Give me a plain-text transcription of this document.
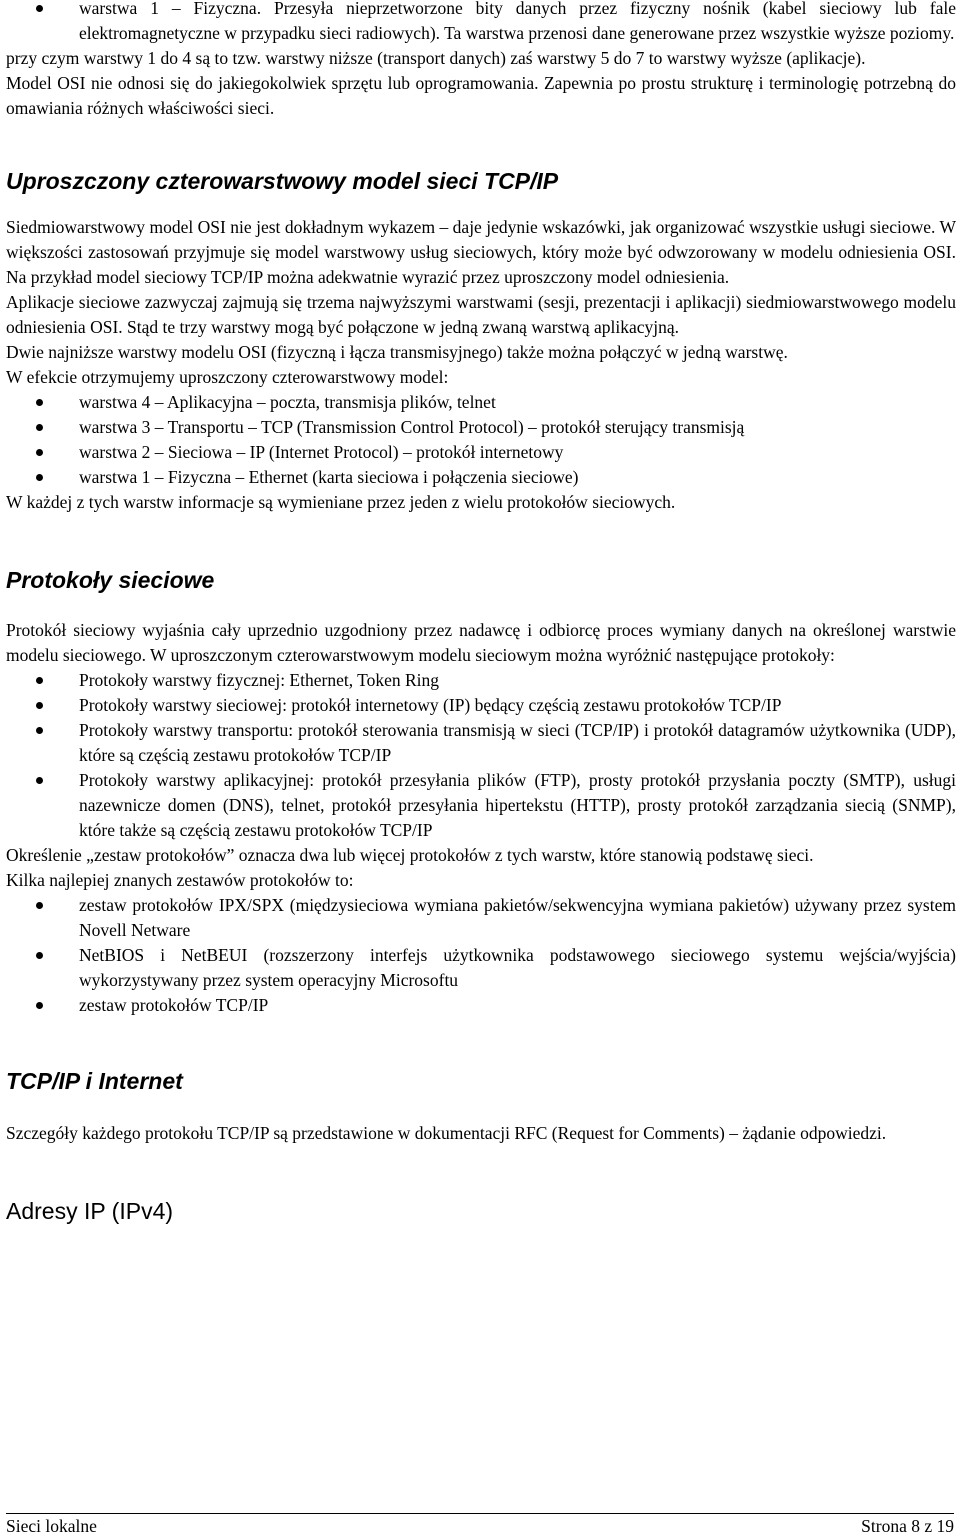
warstwa 1 – Fizyczna. Przesyła nieprzetworzone bity danych przez fizyczny nośnik (kabel sieciowy lub fale elektromagnetyczne w przypadku sieci radiowych). Ta warstwa przenosi dane generowane przez wszystkie wyższe poziomy.

przy czym warstwy 1 do 4 są to tzw. warstwy niższe (transport danych) zaś warstwy 5 do 7 to warstwy wyższe (aplikacje).

Model OSI nie odnosi się do jakiegokolwiek sprzętu lub oprogramowania. Zapewnia po prostu strukturę i terminologię potrzebną do omawiania różnych właściwości sieci.

Uproszczony czterowarstwowy model sieci TCP/IP

Siedmiowarstwowy model OSI nie jest dokładnym wykazem – daje jedynie wskazówki, jak organizować wszystkie usługi sieciowe. W większości zastosowań przyjmuje się model warstwowy usług sieciowych, który może być odwzorowany w modelu odniesienia OSI. Na przykład model sieciowy TCP/IP można adekwatnie wyrazić przez uproszczony model odniesienia.

Aplikacje sieciowe zazwyczaj zajmują się trzema najwyższymi warstwami (sesji, prezentacji i aplikacji) siedmiowarstwowego modelu odniesienia OSI. Stąd te trzy warstwy mogą być połączone w jedną zwaną warstwą aplikacyjną.

Dwie najniższe warstwy modelu OSI (fizyczną i łącza transmisyjnego) także można połączyć w jedną warstwę.

W efekcie otrzymujemy uproszczony czterowarstwowy model:

warstwa 4 – Aplikacyjna – poczta, transmisja plików, telnet

warstwa 3 – Transportu – TCP (Transmission Control Protocol) – protokół sterujący transmisją

warstwa 2 – Sieciowa – IP (Internet Protocol) – protokół internetowy

warstwa 1 – Fizyczna – Ethernet (karta sieciowa i połączenia sieciowe)

W każdej z tych warstw informacje są wymieniane przez jeden z wielu protokołów sieciowych.

Protokoły sieciowe

Protokół sieciowy wyjaśnia cały uprzednio uzgodniony przez nadawcę i odbiorcę proces wymiany danych na określonej warstwie modelu sieciowego. W uproszczonym czterowarstwowym modelu sieciowym można wyróżnić następujące protokoły:

Protokoły warstwy fizycznej: Ethernet, Token Ring

Protokoły warstwy sieciowej: protokół internetowy (IP) będący częścią zestawu protokołów TCP/IP

Protokoły warstwy transportu: protokół sterowania transmisją w sieci (TCP/IP) i protokół datagramów użytkownika (UDP), które są częścią zestawu protokołów TCP/IP

Protokoły warstwy aplikacyjnej: protokół przesyłania plików (FTP), prosty protokół przysłania poczty (SMTP), usługi nazewnicze domen (DNS), telnet, protokół przesyłania hipertekstu (HTTP), prosty protokół zarządzania siecią (SNMP), które także są częścią zestawu protokołów TCP/IP

Określenie „zestaw protokołów” oznacza dwa lub więcej protokołów z tych warstw, które stanowią podstawę sieci.

Kilka najlepiej znanych zestawów protokołów to:

zestaw protokołów IPX/SPX (międzysieciowa wymiana pakietów/sekwencyjna wymiana pakietów) używany przez system Novell Netware

NetBIOS i NetBEUI (rozszerzony interfejs użytkownika podstawowego sieciowego systemu wejścia/wyjścia) wykorzystywany przez system operacyjny Microsoftu

zestaw protokołów TCP/IP

TCP/IP i Internet

Szczegóły każdego protokołu TCP/IP są przedstawione w dokumentacji RFC (Request for Comments) – żądanie odpowiedzi.

Adresy IP (IPv4)
Sieci lokalne	Strona 8 z 19
